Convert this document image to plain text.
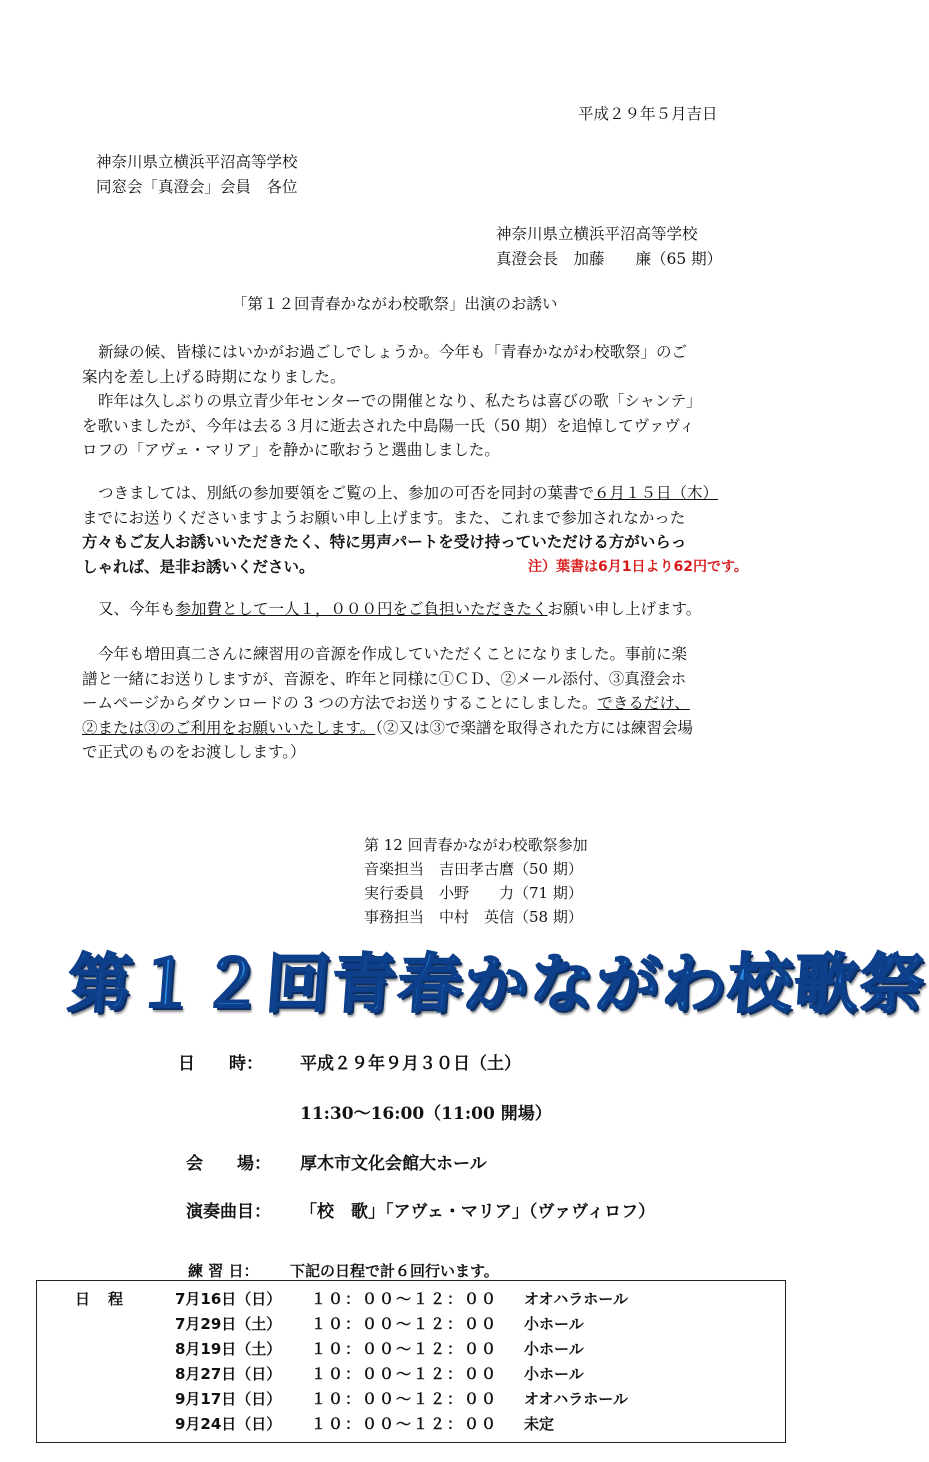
平成２９年５月吉日
神奈川県立横浜平沼高等学校
同窓会「真澄会」会員　各位
神奈川県立横浜平沼高等学校
真澄会長　加藤　　廉（65 期）
「第１２回青春かながわ校歌祭」出演のお誘い
新緑の候、皆様にはいかがお過ごしでしょうか。今年も「青春かながわ校歌祭」のご
案内を差し上げる時期になりました。
昨年は久しぶりの県立青少年センターでの開催となり、私たちは喜びの歌「シャンテ」
を歌いましたが、今年は去る３月に逝去された中島陽一氏（50 期）を追悼してヴァヴィ
ロフの「アヴェ・マリア」を静かに歌おうと選曲しました。
つきましては、別紙の参加要領をご覧の上、参加の可否を同封の葉書で６月１５日（木）
までにお送りくださいますようお願い申し上げます。また、これまで参加されなかった
方々もご友人お誘いいただきたく、特に男声パートを受け持っていただける方がいらっ
しゃれば、是非お誘いください。	注）葉書は6月1日より62円です。
又、今年も参加費として一人１，０００円をご負担いただきたくお願い申し上げます。
今年も増田真二さんに練習用の音源を作成していただくことになりました。事前に楽
譜と一緒にお送りしますが、音源を、昨年と同様に①ＣＤ、②メール添付、③真澄会ホ
ームページからダウンロードの 3 つの方法でお送りすることにしました。できるだけ、
②または③のご利用をお願いいたします。（②又は③で楽譜を取得された方には練習会場
で正式のものをお渡しします。）
第 12 回青春かながわ校歌祭参加
音楽担当　吉田孝古麿（50 期）
実行委員　小野　　力（71 期）
事務担当　中村　英信（58 期）
第１２回青春かながわ校歌祭
日　　時： 平成２９年９月３０日（土）
11:30～16:00（11:00 開場）
会　　場： 厚木市文化会館大ホール
演奏曲目： 「校　歌」「アヴェ・マリア」（ヴァヴィロフ）
練 習 日： 下記の日程で計６回行います。
日程 7月16日（日） １０：００～１２：００ オオハラホール
7月29日（土） １０：００～１２：００ 小ホール
8月19日（土） １０：００～１２：００ 小ホール
8月27日（日） １０：００～１２：００ 小ホール
9月17日（日） １０：００～１２：００ オオハラホール
9月24日（日） １０：００～１２：００ 未定
